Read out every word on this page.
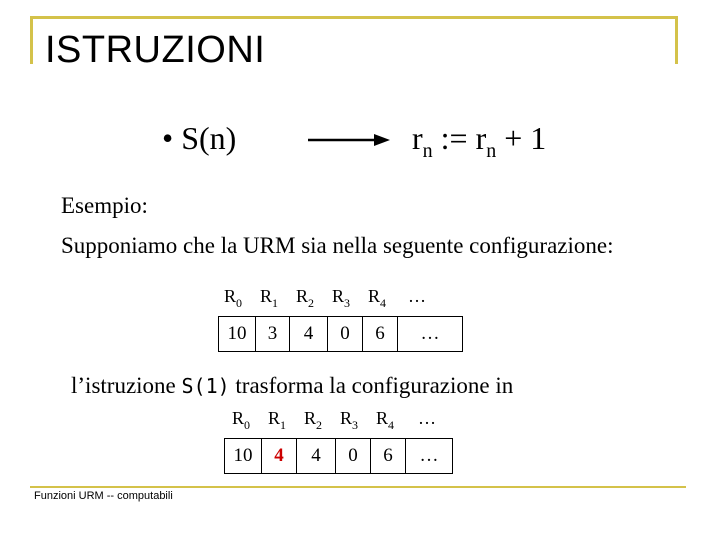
ISTRUZIONI
• S(n)	$r_n$ := $r_n + 1$
Esempio:
Supponiamo che la URM sia nella seguente configurazione:
$R_0$ $R_1$ $R_2$ $R_3$ $R_4$ …
10	3	4	0	6	…
l’istruzione S(1) trasforma la configurazione in
$R_0$ $R_1$ $R_2$ $R_3$ $R_4$ …
10	4	4	0	6	…
Funzioni URM -- computabili
